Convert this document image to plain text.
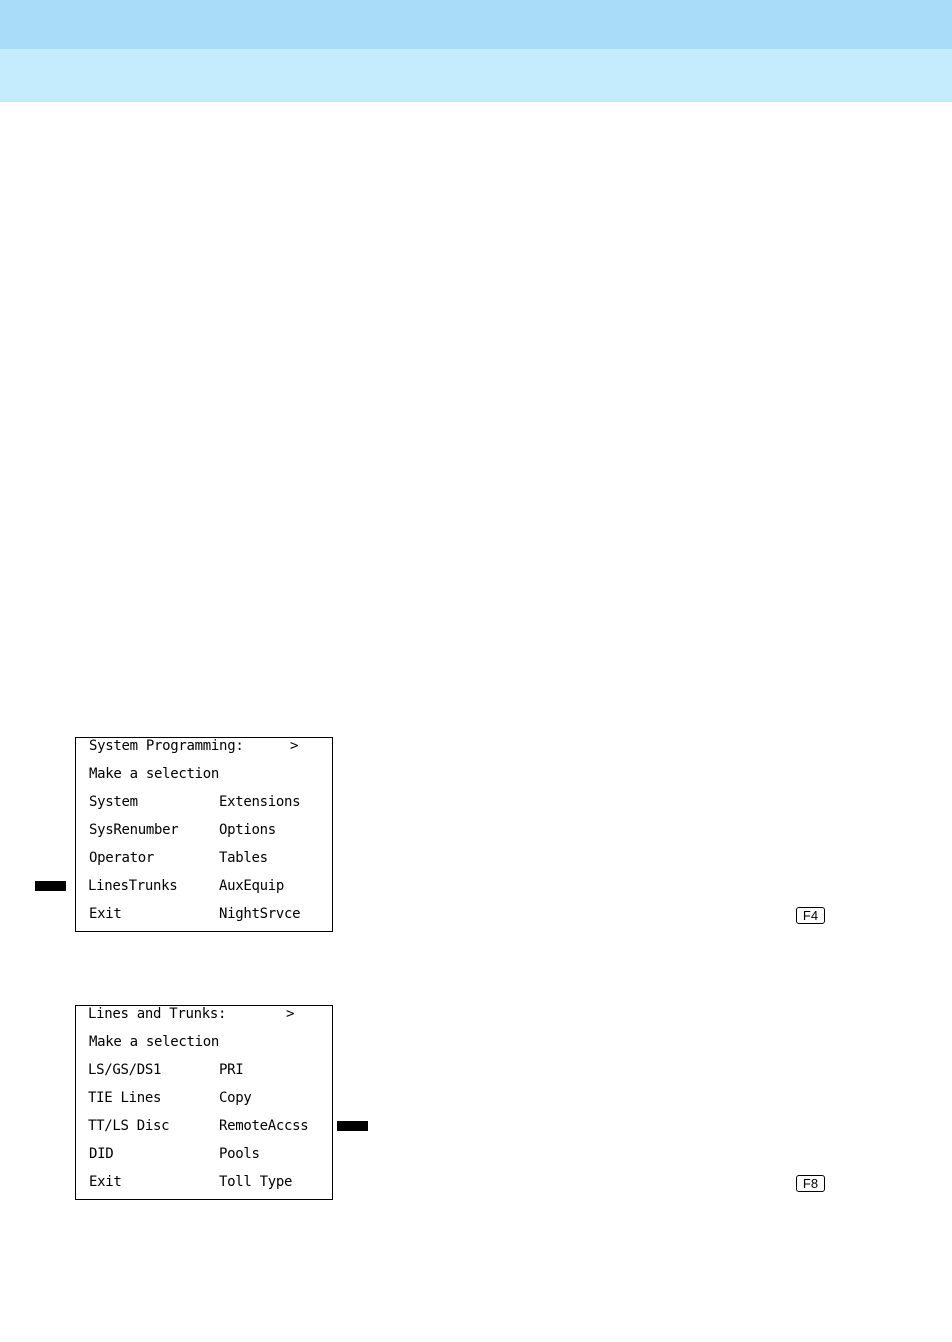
System Programming:	>
Make a selection
System	Extensions
SysRenumber	Options
Operator	Tables
LinesTrunks	AuxEquip
Exit	NightSrvce	F4
Lines and Trunks:	>
Make a selection
LS/GS/DS1	PRI
TIE Lines	Copy
TT/LS Disc	RemoteAccss
DID	Pools
Exit	Toll Type	F8
